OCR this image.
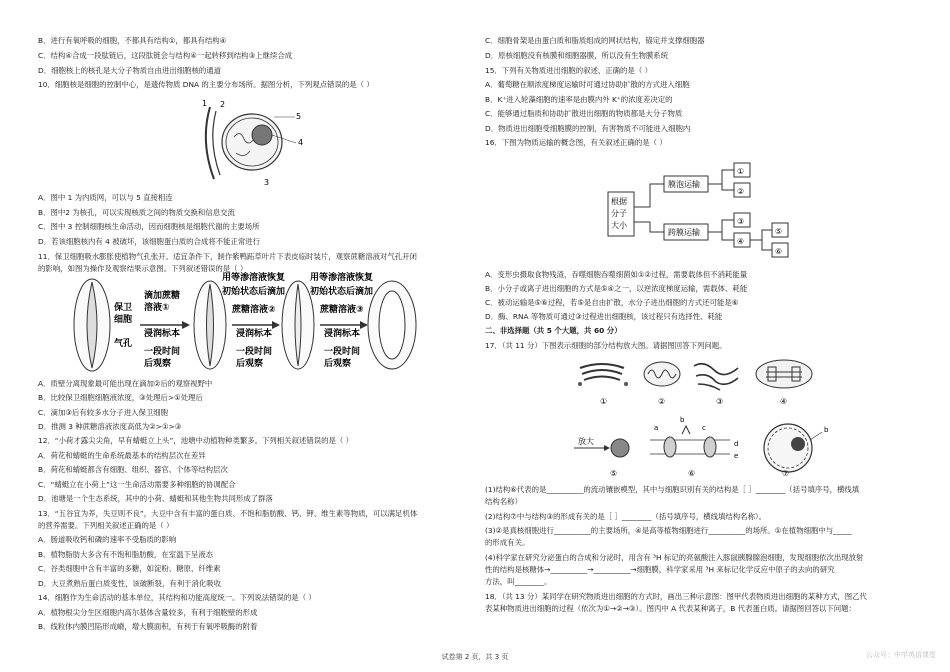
B．进行有氧呼吸的细胞，不都具有结构①，都具有结构④
C．结构④合成一段肽链后，这段肽链会与结构④一起转移到结构③上继续合成
D．细胞核上的核孔是大分子物质自由进出细胞核的通道
10．细胞核是细胞的控制中心，是遗传物质 DNA 的主要分布场所。据图分析，下列观点错误的是（ ）
A．图中 1 为内质网，可以与 5 直接相连
B．图中2 为核孔，可以实现核质之间的物质交换和信息交流
C．图中 3 控制细胞核生命活动，因而细胞核是细胞代谢的主要场所
D．若该细胞核内有 4 被破坏，该细胞蛋白质的合成将不能正常进行
11．保卫细胞吸水膨胀使植物气孔张开。适宜条件下，制作紫鸭跖草叶片下表皮临时装片，观察蔗糖溶液对气孔开闭
的影响，如图为操作及观察结果示意图。下列叙述错误的是（ ）
A．质壁分离现象最可能出现在滴加②后的观察视野中
B．比较保卫细胞细胞液浓度，③处理后>①处理后
C．滴加③后有较多水分子进入保卫细胞
D．推测 3 种蔗糖溶液浓度高低为②>①>③
12．“小荷才露尖尖角，早有蜻蜓立上头”，池塘中动植物种类繁多。下列相关叙述错误的是（ ）
A．荷花和蜻蜓的生命系统最基本的结构层次在差异
B．荷花和蜻蜓都含有细胞、组织、器官、个体等结构层次
C．“蜻蜓立在小荷上”这一生命活动需要多种细胞的协调配合
D．池塘是一个生态系统，其中的小荷、蜻蜓和其他生物共同形成了群落
13．“五谷宜为养，失豆则不良”，大豆中含有丰富的蛋白质、不饱和脂肪酸、钙、钾、维生素等物质，可以满足机体
的营养需要。下列相关叙述正确的是（ ）
A．肠道吸收钙和磷的速率不受脂质的影响
B．植物脂肪大多含有不饱和脂肪酸，在室温下呈液态
C．谷类细胞中含有丰富的多糖，如淀粉、糖原、纤维素
D．大豆煮熟后蛋白质变性，该破断裂，有利于消化吸收
14．细胞作为生命活动的基本单位，其结构和功能高度统一。下列说法错误的是（ ）
A．植物根尖分生区细胞内高尔基体含量较多，有利于细胞壁的形成
B．线粒体内膜凹陷形成嵴，增大膜面积，有利于有氧呼吸酶的附着
C．细胞骨架是由蛋白质和脂质组成的网状结构，锚定并支撑细胞器
D．原核细胞没有核膜和细胞器膜，所以没有生物膜系统
15．下列有关物质进出细胞的叙述，正确的是（ ）
A．葡萄糖在顺浓度梯度运输时可通过协助扩散的方式进入细胞
B．K⁺进入轮藻细胞的速率是由膜内外 K⁺的浓度差决定的
C．能够通过脂质和协助扩散进出细胞的物质都是大分子物质
D．物质进出细胞受细胞膜的控制，有害物质不可能进入细胞内
16．下图为物质运输的概念图，有关叙述正确的是（ ）
A．变形虫摄取食物残渣，吞噬细胞吞噬细菌如①②过程，需要载体但不消耗能量
B．小分子或离子进出细胞的方式是⑤④之一，以逆浓度梯度运输，需载体、耗能
C．被动运输是⑤⑥过程，若⑤是自由扩散，水分子进出细胞的方式还可能是⑥
D．酶、RNA 等物质可通过③过程进出细胞核，该过程只有选择性、耗能
二、非选择题（共 5 个大题，共 60 分）
17．（共 11 分）下图表示细胞的部分结构放大图。请据图回答下列问题。
(1)结构⑥代表的是__________的流动镶嵌模型，其中与细胞识别有关的结构是［ ］________（括号填序号，横线填
结构名称）
(2)结构⑦中与结构③的形成有关的是［ ］________（括号填序号，横线填结构名称）。
(3)②是真核细胞进行__________的主要场所，④是高等植物细胞进行__________的场所。①在植物细胞中与_____
的形成有关。
(4)科学家在研究分泌蛋白的合成和分泌时，用含有 ³H 标记的亮氨酸注入豚鼠胰腺腺泡细胞，发现细胞依次出现放射
性的结构是核糖体→__________→__________→细胞膜，科学家采用 ³H 来标记化学反应中原子的去向的研究
方法，叫________。
18．（共 13 分）某同学在研究物质进出细胞的方式时，画出三种示意图：图甲代表物质进出细胞的某种方式，图乙代
表某种物质进出细胞的过程（依次为①→②→③）。图丙中 A 代表某种离子，B 代表蛋白质。请据图回答以下问题：
1 2
3
4
5
保卫
细胞
气孔
滴加蔗糖
溶液①
浸润标本
一段时间
后观察
用等渗溶液恢复
初始状态后滴加
蔗糖溶液②
浸润标本
一段时间
后观察
用等渗溶液恢复
初始状态后滴加
蔗糖溶液③
浸润标本
一段时间
后观察
根据
分子
大小
膜泡运输
跨膜运输
①
②
③
④
⑤
⑥
①	②	③	④
放大
a
b
c
d
e
b
⑤	⑥	⑦
试卷第 2 页，共 3 页	公众号：中学英语课堂
